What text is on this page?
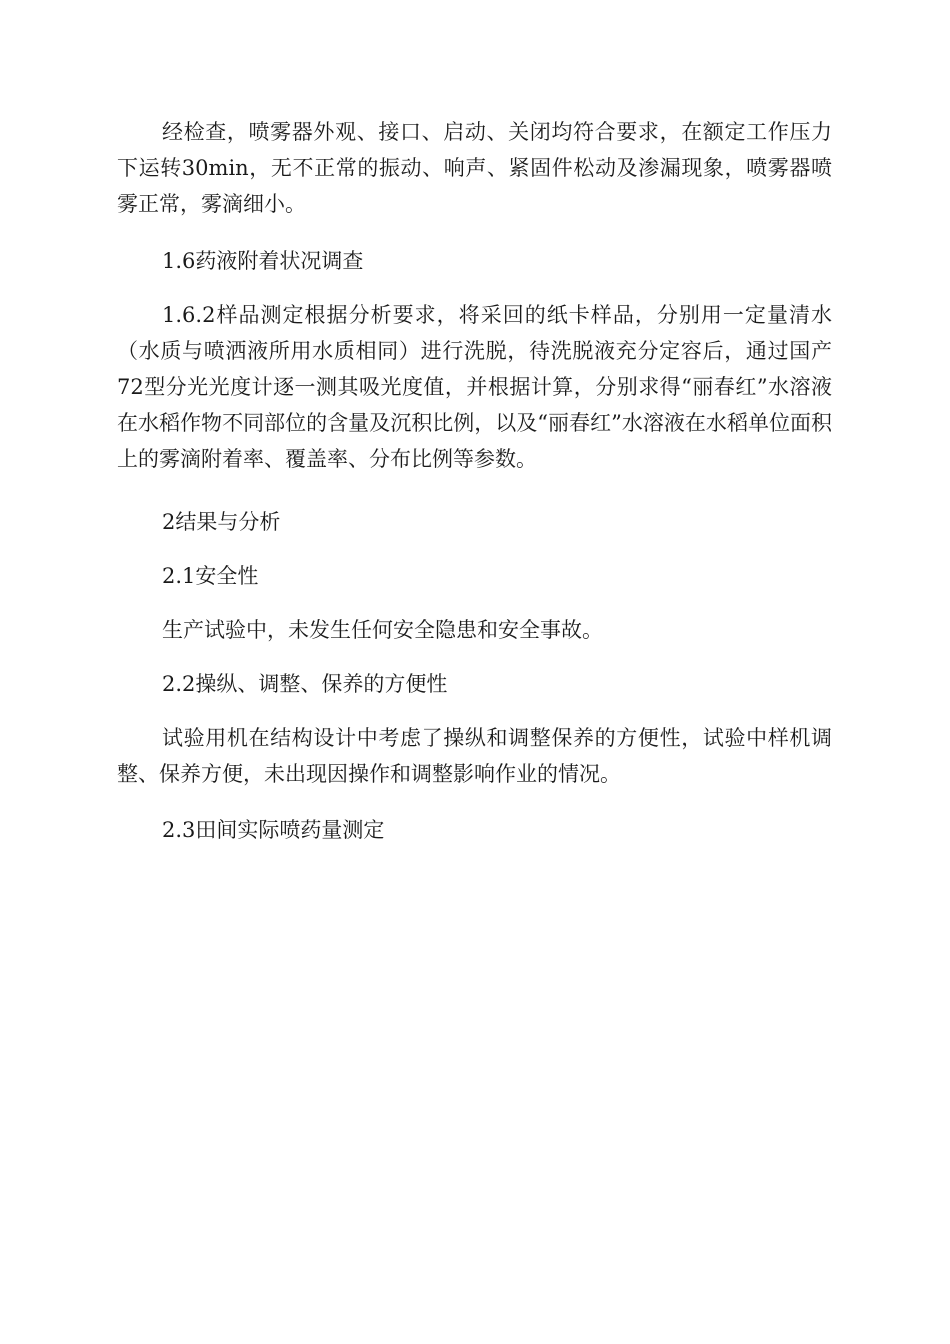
经检查，喷雾器外观、接口、启动、关闭均符合要求，在额定工作压力下运转30min，无不正常的振动、响声、紧固件松动及渗漏现象，喷雾器喷雾正常，雾滴细小。

1.6药液附着状况调查

1.6.2样品测定根据分析要求，将采回的纸卡样品，分别用一定量清水（水质与喷洒液所用水质相同）进行洗脱，待洗脱液充分定容后，通过国产72型分光光度计逐一测其吸光度值，并根据计算，分别求得“丽春红”水溶液在水稻作物不同部位的含量及沉积比例，以及“丽春红”水溶液在水稻单位面积上的雾滴附着率、覆盖率、分布比例等参数。

2结果与分析

2.1安全性

生产试验中，未发生任何安全隐患和安全事故。

2.2操纵、调整、保养的方便性

试验用机在结构设计中考虑了操纵和调整保养的方便性，试验中样机调整、保养方便，未出现因操作和调整影响作业的情况。

2.3田间实际喷药量测定
